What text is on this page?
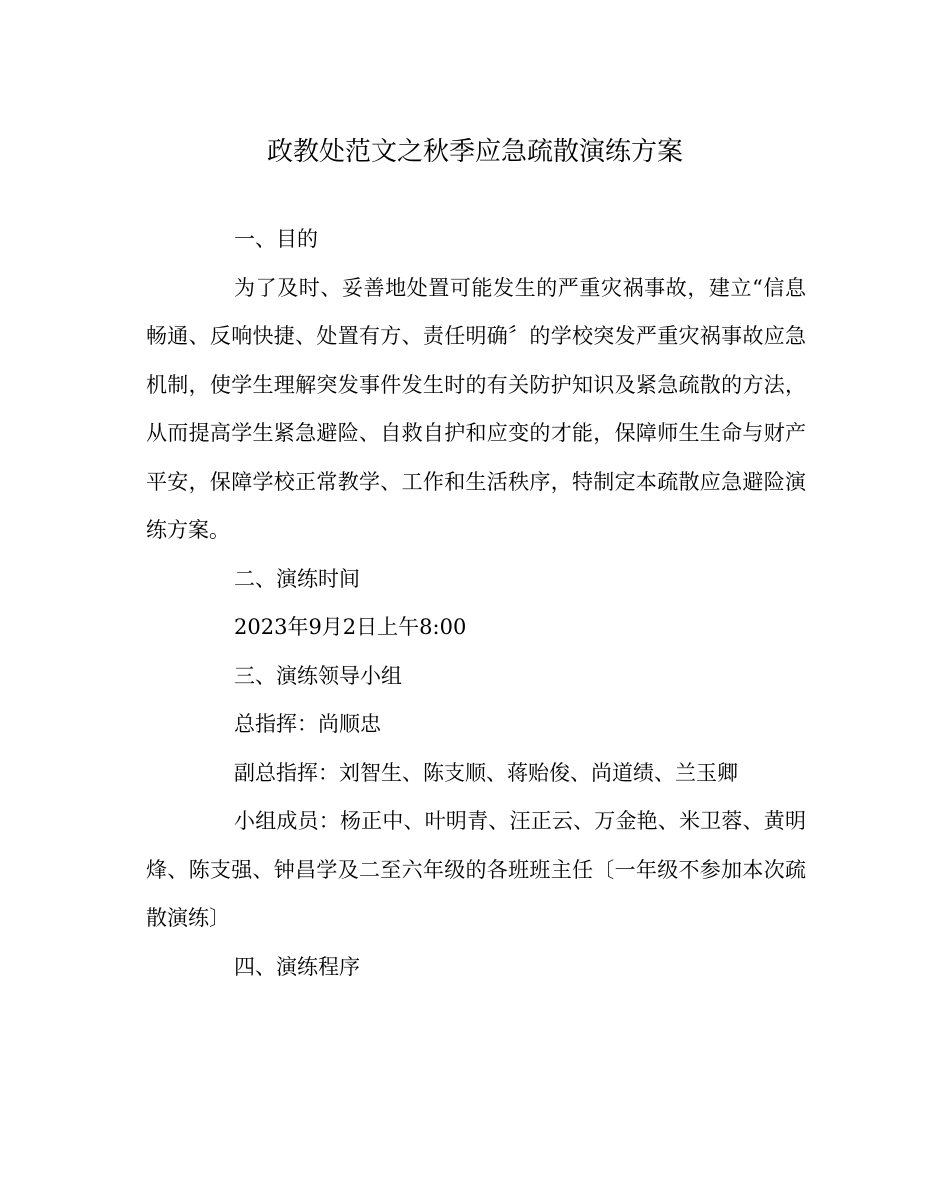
政教处范文之秋季应急疏散演练方案

一、目的

为了及时、妥善地处置可能发生的严重灾祸事故，建立“信息畅通、反响快捷、处置有方、责任明确〞的学校突发严重灾祸事故应急机制，使学生理解突发事件发生时的有关防护知识及紧急疏散的方法，从而提高学生紧急避险、自救自护和应变的才能，保障师生生命与财产平安，保障学校正常教学、工作和生活秩序，特制定本疏散应急避险演练方案。

二、演练时间

2023年9月2日上午8:00

三、演练领导小组

总指挥：尚顺忠

副总指挥：刘智生、陈支顺、蒋贻俊、尚道绩、兰玉卿

小组成员：杨正中、叶明青、汪正云、万金艳、米卫蓉、黄明烽、陈支强、钟昌学及二至六年级的各班班主任〔一年级不参加本次疏散演练〕

四、演练程序
